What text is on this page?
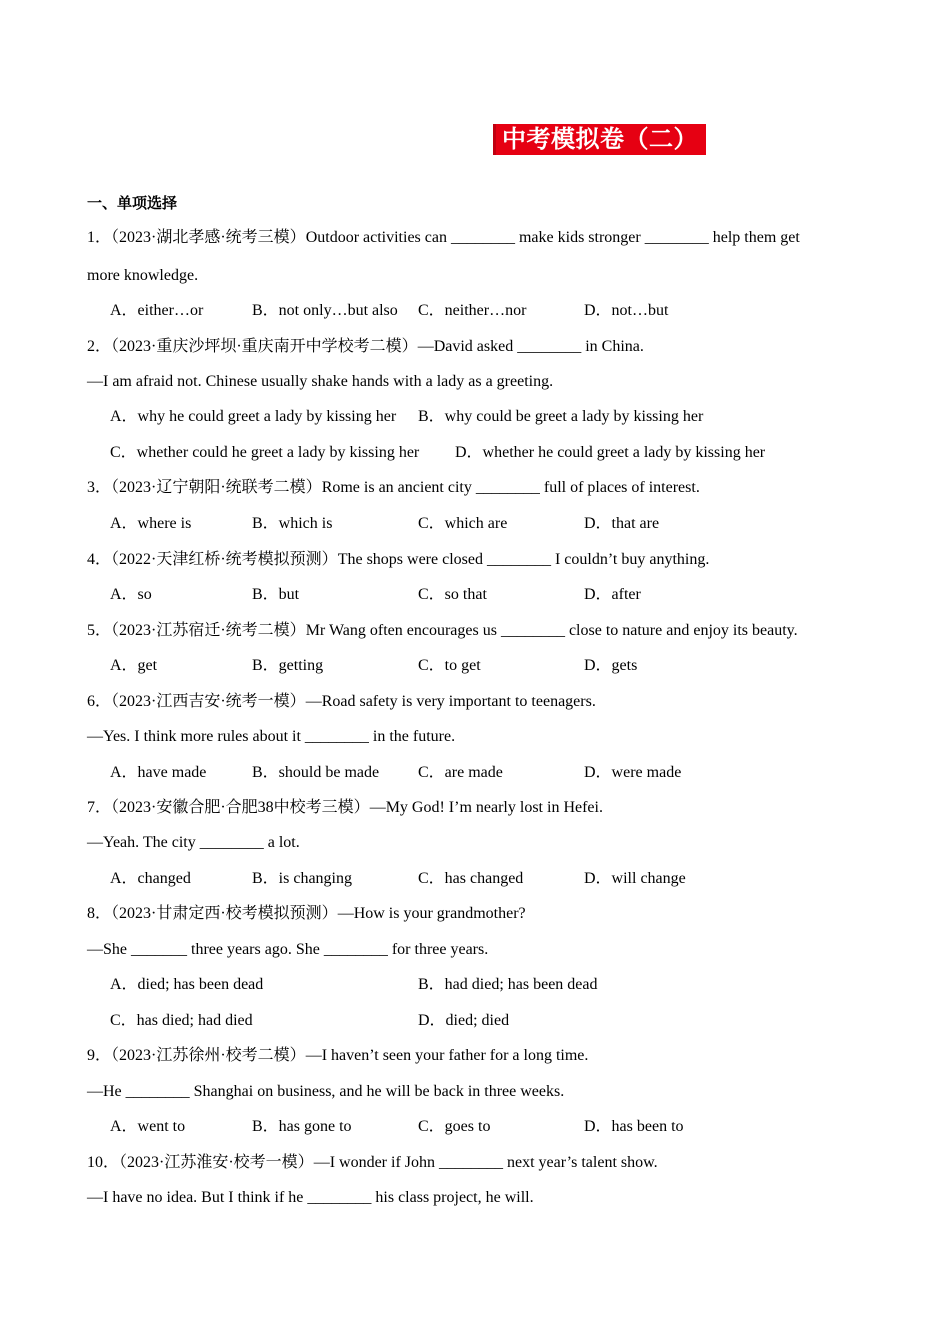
中考模拟卷（二）
一、单项选择
1．（2023·湖北孝感·统考三模）Outdoor activities can ________ make kids stronger ________ help them get
more knowledge.
A．either…or	B．not only…but also C．neither…nor	D．not…but
2．（2023·重庆沙坪坝·重庆南开中学校考二模）—David asked ________ in China.
—I am afraid not. Chinese usually shake hands with a lady as a greeting.
A．why he could greet a lady by kissing her B．why could be greet a lady by kissing her
C．whether could he greet a lady by kissing her D．whether he could greet a lady by kissing her
3．（2023·辽宁朝阳·统联考二模）Rome is an ancient city ________ full of places of interest.
A．where is	B．which is	C．which are	D．that are
4．（2022·天津红桥·统考模拟预测）The shops were closed ________ I couldn’t buy anything.
A．so	B．but	C．so that	D．after
5．（2023·江苏宿迁·统考二模）Mr Wang often encourages us ________ close to nature and enjoy its beauty.
A．get	B．getting	C．to get	D．gets
6．（2023·江西吉安·统考一模）—Road safety is very important to teenagers.
—Yes. I think more rules about it ________ in the future.
A．have made	B．should be made C．are made	D．were made
7．（2023·安徽合肥·合肥38中校考三模）—My God! I’m nearly lost in Hefei.
—Yeah. The city ________ a lot.
A．changed	B．is changing	C．has changed	D．will change
8．（2023·甘肃定西·校考模拟预测）—How is your grandmother?
—She _______ three years ago. She ________ for three years.
A．died; has been dead	B．had died; has been dead
C．has died; had died	D．died; died
9．（2023·江苏徐州·校考二模）—I haven’t seen your father for a long time.
—He ________ Shanghai on business, and he will be back in three weeks.
A．went to	B．has gone to	C．goes to	D．has been to
10．（2023·江苏淮安·校考一模）—I wonder if John ________ next year’s talent show.
—I have no idea. But I think if he ________ his class project, he will.
